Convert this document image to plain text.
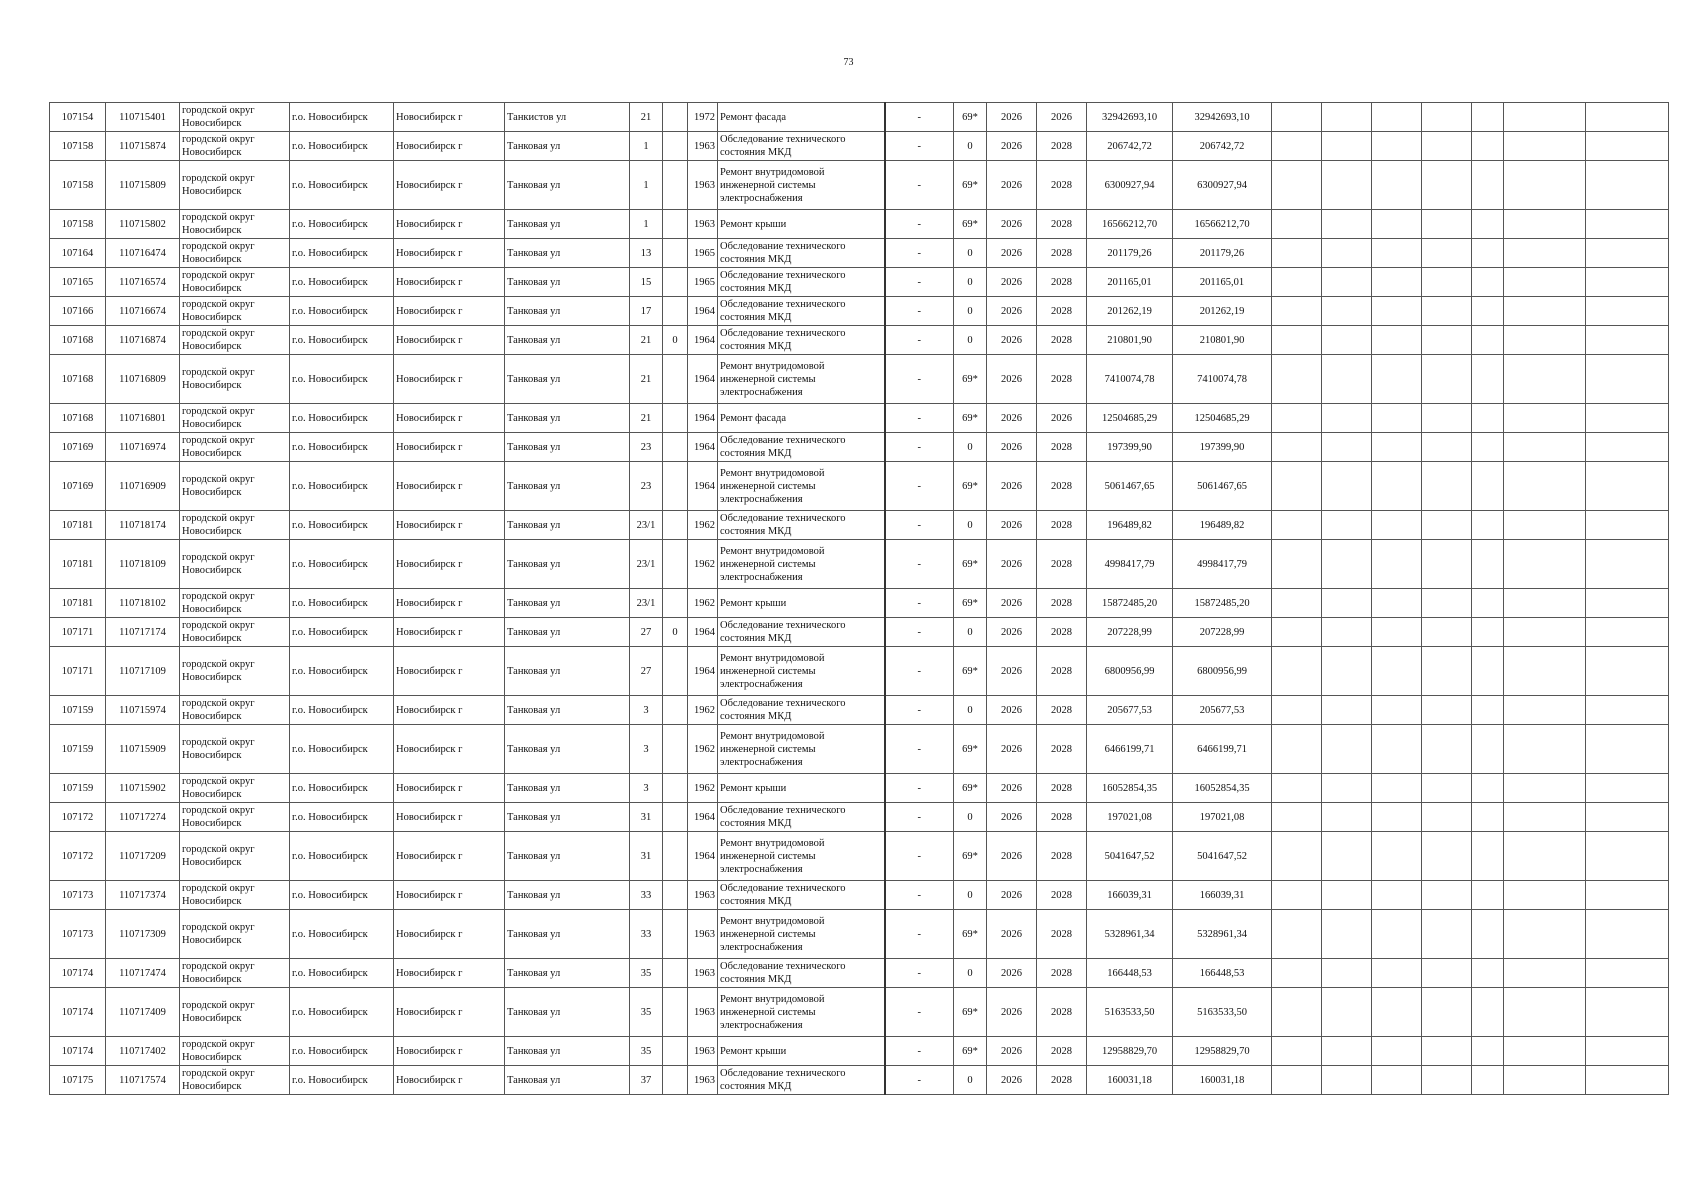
73
107154	110715401	городской округ Новосибирск	г.о. Новосибирск	Новосибирск г	Танкистов ул	21		1972	Ремонт фасада	-	69*	2026	2026	32942693,10	32942693,10							
107158	110715874	городской округ Новосибирск	г.о. Новосибирск	Новосибирск г	Танковая ул	1		1963	Обследование технического состояния МКД	-	0	2026	2028	206742,72	206742,72							
107158	110715809	городской округ Новосибирск	г.о. Новосибирск	Новосибирск г	Танковая ул	1		1963	Ремонт внутридомовой инженерной системы электроснабжения	-	69*	2026	2028	6300927,94	6300927,94							
107158	110715802	городской округ Новосибирск	г.о. Новосибирск	Новосибирск г	Танковая ул	1		1963	Ремонт крыши	-	69*	2026	2028	16566212,70	16566212,70							
107164	110716474	городской округ Новосибирск	г.о. Новосибирск	Новосибирск г	Танковая ул	13		1965	Обследование технического состояния МКД	-	0	2026	2028	201179,26	201179,26							
107165	110716574	городской округ Новосибирск	г.о. Новосибирск	Новосибирск г	Танковая ул	15		1965	Обследование технического состояния МКД	-	0	2026	2028	201165,01	201165,01							
107166	110716674	городской округ Новосибирск	г.о. Новосибирск	Новосибирск г	Танковая ул	17		1964	Обследование технического состояния МКД	-	0	2026	2028	201262,19	201262,19							
107168	110716874	городской округ Новосибирск	г.о. Новосибирск	Новосибирск г	Танковая ул	21	0	1964	Обследование технического состояния МКД	-	0	2026	2028	210801,90	210801,90							
107168	110716809	городской округ Новосибирск	г.о. Новосибирск	Новосибирск г	Танковая ул	21		1964	Ремонт внутридомовой инженерной системы электроснабжения	-	69*	2026	2028	7410074,78	7410074,78							
107168	110716801	городской округ Новосибирск	г.о. Новосибирск	Новосибирск г	Танковая ул	21		1964	Ремонт фасада	-	69*	2026	2026	12504685,29	12504685,29							
107169	110716974	городской округ Новосибирск	г.о. Новосибирск	Новосибирск г	Танковая ул	23		1964	Обследование технического состояния МКД	-	0	2026	2028	197399,90	197399,90							
107169	110716909	городской округ Новосибирск	г.о. Новосибирск	Новосибирск г	Танковая ул	23		1964	Ремонт внутридомовой инженерной системы электроснабжения	-	69*	2026	2028	5061467,65	5061467,65							
107181	110718174	городской округ Новосибирск	г.о. Новосибирск	Новосибирск г	Танковая ул	23/1		1962	Обследование технического состояния МКД	-	0	2026	2028	196489,82	196489,82							
107181	110718109	городской округ Новосибирск	г.о. Новосибирск	Новосибирск г	Танковая ул	23/1		1962	Ремонт внутридомовой инженерной системы электроснабжения	-	69*	2026	2028	4998417,79	4998417,79							
107181	110718102	городской округ Новосибирск	г.о. Новосибирск	Новосибирск г	Танковая ул	23/1		1962	Ремонт крыши	-	69*	2026	2028	15872485,20	15872485,20							
107171	110717174	городской округ Новосибирск	г.о. Новосибирск	Новосибирск г	Танковая ул	27	0	1964	Обследование технического состояния МКД	-	0	2026	2028	207228,99	207228,99							
107171	110717109	городской округ Новосибирск	г.о. Новосибирск	Новосибирск г	Танковая ул	27		1964	Ремонт внутридомовой инженерной системы электроснабжения	-	69*	2026	2028	6800956,99	6800956,99							
107159	110715974	городской округ Новосибирск	г.о. Новосибирск	Новосибирск г	Танковая ул	3		1962	Обследование технического состояния МКД	-	0	2026	2028	205677,53	205677,53							
107159	110715909	городской округ Новосибирск	г.о. Новосибирск	Новосибирск г	Танковая ул	3		1962	Ремонт внутридомовой инженерной системы электроснабжения	-	69*	2026	2028	6466199,71	6466199,71							
107159	110715902	городской округ Новосибирск	г.о. Новосибирск	Новосибирск г	Танковая ул	3		1962	Ремонт крыши	-	69*	2026	2028	16052854,35	16052854,35							
107172	110717274	городской округ Новосибирск	г.о. Новосибирск	Новосибирск г	Танковая ул	31		1964	Обследование технического состояния МКД	-	0	2026	2028	197021,08	197021,08							
107172	110717209	городской округ Новосибирск	г.о. Новосибирск	Новосибирск г	Танковая ул	31		1964	Ремонт внутридомовой инженерной системы электроснабжения	-	69*	2026	2028	5041647,52	5041647,52							
107173	110717374	городской округ Новосибирск	г.о. Новосибирск	Новосибирск г	Танковая ул	33		1963	Обследование технического состояния МКД	-	0	2026	2028	166039,31	166039,31							
107173	110717309	городской округ Новосибирск	г.о. Новосибирск	Новосибирск г	Танковая ул	33		1963	Ремонт внутридомовой инженерной системы электроснабжения	-	69*	2026	2028	5328961,34	5328961,34							
107174	110717474	городской округ Новосибирск	г.о. Новосибирск	Новосибирск г	Танковая ул	35		1963	Обследование технического состояния МКД	-	0	2026	2028	166448,53	166448,53							
107174	110717409	городской округ Новосибирск	г.о. Новосибирск	Новосибирск г	Танковая ул	35		1963	Ремонт внутридомовой инженерной системы электроснабжения	-	69*	2026	2028	5163533,50	5163533,50							
107174	110717402	городской округ Новосибирск	г.о. Новосибирск	Новосибирск г	Танковая ул	35		1963	Ремонт крыши	-	69*	2026	2028	12958829,70	12958829,70							
107175	110717574	городской округ Новосибирск	г.о. Новосибирск	Новосибирск г	Танковая ул	37		1963	Обследование технического состояния МКД	-	0	2026	2028	160031,18	160031,18							
